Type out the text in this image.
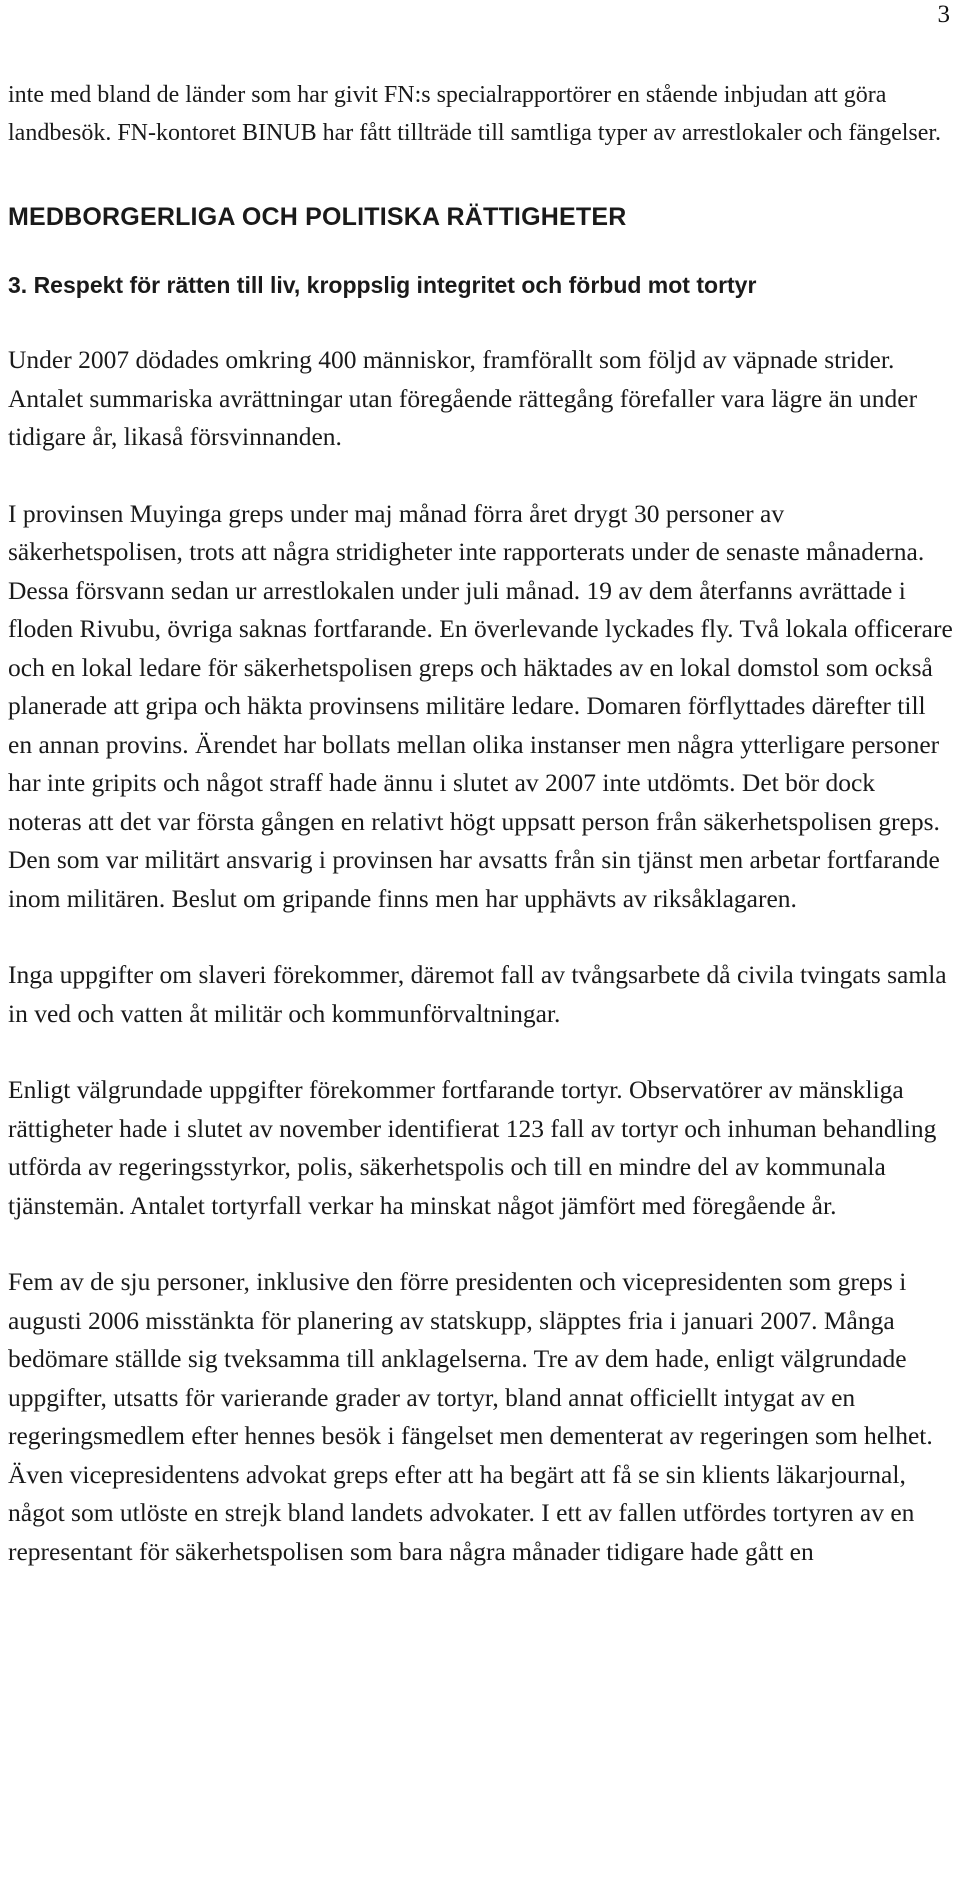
3

inte med bland de länder som har givit FN:s specialrapportörer en stående inbjudan att göra landbesök. FN-kontoret BINUB har fått tillträde till samtliga typer av arrestlokaler och fängelser.

MEDBORGERLIGA OCH POLITISKA RÄTTIGHETER
3. Respekt för rätten till liv, kroppslig integritet och förbud mot tortyr

Under 2007 dödades omkring 400 människor, framförallt som följd av väpnade strider. Antalet summariska avrättningar utan föregående rättegång förefaller vara lägre än under tidigare år, likaså försvinnanden.

I provinsen Muyinga greps under maj månad förra året drygt 30 personer av säkerhetspolisen, trots att några stridigheter inte rapporterats under de senaste månaderna. Dessa försvann sedan ur arrestlokalen under juli månad. 19 av dem återfanns avrättade i floden Rivubu, övriga saknas fortfarande. En överlevande lyckades fly. Två lokala officerare och en lokal ledare för säkerhetspolisen greps och häktades av en lokal domstol som också planerade att gripa och häkta provinsens militäre ledare. Domaren förflyttades därefter till en annan provins. Ärendet har bollats mellan olika instanser men några ytterligare personer har inte gripits och något straff hade ännu i slutet av 2007 inte utdömts. Det bör dock noteras att det var första gången en relativt högt uppsatt person från säkerhetspolisen greps. Den som var militärt ansvarig i provinsen har avsatts från sin tjänst men arbetar fortfarande inom militären. Beslut om gripande finns men har upphävts av riksåklagaren.

Inga uppgifter om slaveri förekommer, däremot fall av tvångsarbete då civila tvingats samla in ved och vatten åt militär och kommunförvaltningar.

Enligt välgrundade uppgifter förekommer fortfarande tortyr. Observatörer av mänskliga rättigheter hade i slutet av november identifierat 123 fall av tortyr och inhuman behandling utförda av regeringsstyrkor, polis, säkerhetspolis och till en mindre del av kommunala tjänstemän. Antalet tortyrfall verkar ha minskat något jämfört med föregående år.

Fem av de sju personer, inklusive den förre presidenten och vicepresidenten som greps i augusti 2006 misstänkta för planering av statskupp, släpptes fria i januari 2007. Många bedömare ställde sig tveksamma till anklagelserna. Tre av dem hade, enligt välgrundade uppgifter, utsatts för varierande grader av tortyr, bland annat officiellt intygat av en regeringsmedlem efter hennes besök i fängelset men dementerat av regeringen som helhet. Även vicepresidentens advokat greps efter att ha begärt att få se sin klients läkarjournal, något som utlöste en strejk bland landets advokater. I ett av fallen utfördes tortyren av en representant för säkerhetspolisen som bara några månader tidigare hade gått en
